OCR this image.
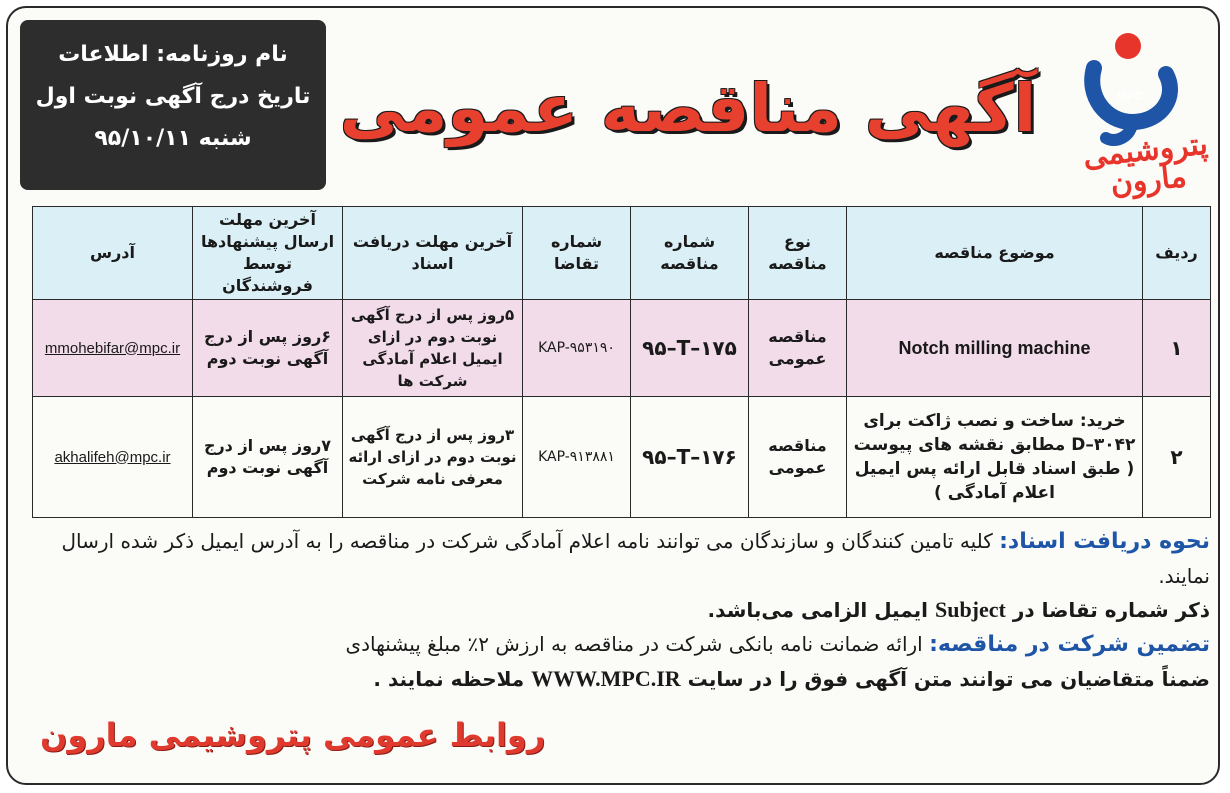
MPC
پتروشیمی مارون
آگهی مناقصه عمومی
نام روزنامه: اطلاعات
تاریخ درج آگهی نوبت اول
شنبه ۹۵/۱۰/۱۱
ردیف	موضوع مناقصه	نوع مناقصه	شماره مناقصه	شماره تقاضا	آخرین مهلت دریافت اسناد	آخرین مهلت ارسال پیشنهادها توسط فروشندگان	آدرس
۱	Notch milling machine	مناقصه عمومی	۹۵–T–۱۷۵	KAP-۹۵۳۱۹۰	۵روز پس از درج آگهی نوبت دوم در ازای ایمیل اعلام آمادگی شرکت ها	۶روز پس از درج آگهی نوبت دوم	mmohebifar@mpc.ir
۲	خرید: ساخت و نصب ژاکت برای D–۳۰۴۲ مطابق نقشه های پیوست ( طبق اسناد قابل ارائه پس ایمیل اعلام آمادگی )	مناقصه عمومی	۹۵–T–۱۷۶	KAP-۹۱۳۸۸۱	۳روز پس از درج آگهی نوبت دوم در ازای ارائه معرفی نامه شرکت	۷روز پس از درج آگهی نوبت دوم	akhalifeh@mpc.ir

نحوه دریافت اسناد: کلیه تامین کنندگان و سازندگان می توانند نامه اعلام آمادگی شرکت در مناقصه را به آدرس ایمیل ذکر شده ارسال نمایند.

ذکر شماره تقاضا در Subject ایمیل الزامی می‌باشد.

تضمین شرکت در مناقصه: ارائه ضمانت نامه بانکی شرکت در مناقصه به ارزش ۲٪ مبلغ پیشنهادی

ضمناً متقاضیان می توانند متن آگهی فوق را در سایت WWW.MPC.IR ملاحظه نمایند .

روابط عمومی پتروشیمی مارون
